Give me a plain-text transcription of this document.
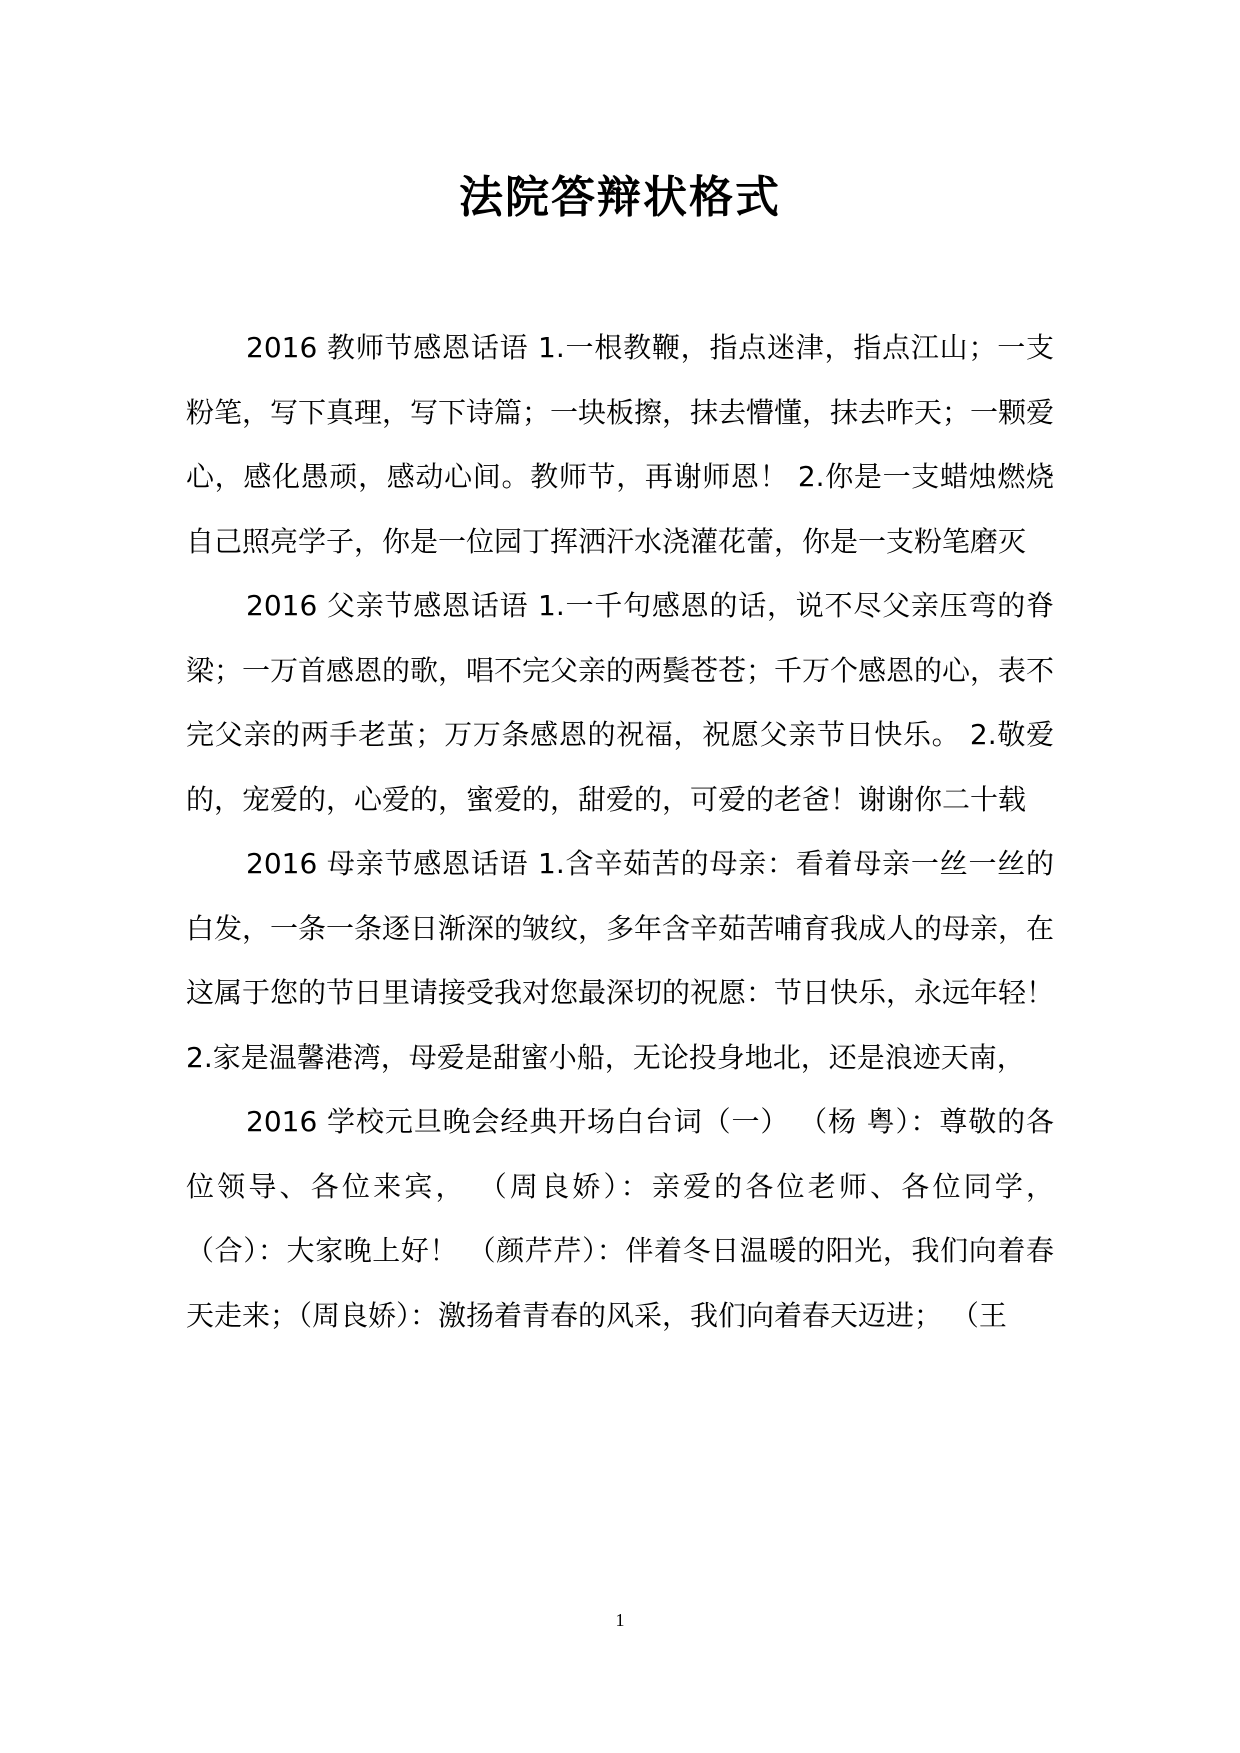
法院答辩状格式

2016 教师节感恩话语 1.一根教鞭，指点迷津，指点江山；一支粉笔，写下真理，写下诗篇；一块板擦，抹去懵懂，抹去昨天；一颗爱心，感化愚顽，感动心间。教师节，再谢师恩！ 2.你是一支蜡烛燃烧自己照亮学子，你是一位园丁挥洒汗水浇灌花蕾，你是一支粉笔磨灭

2016 父亲节感恩话语 1.一千句感恩的话，说不尽父亲压弯的脊梁；一万首感恩的歌，唱不完父亲的两鬓苍苍；千万个感恩的心，表不完父亲的两手老茧；万万条感恩的祝福，祝愿父亲节日快乐。 2.敬爱的，宠爱的，心爱的，蜜爱的，甜爱的，可爱的老爸！谢谢你二十载

2016 母亲节感恩话语 1.含辛茹苦的母亲：看着母亲一丝一丝的白发，一条一条逐日渐深的皱纹，多年含辛茹苦哺育我成人的母亲，在这属于您的节日里请接受我对您最深切的祝愿：节日快乐，永远年轻！ 2.家是温馨港湾，母爱是甜蜜小船，无论投身地北，还是浪迹天南，

2016 学校元旦晚会经典开场白台词（一） （杨 粤）：尊敬的各位领导、各位来宾， （周良娇）：亲爱的各位老师、各位同学， （合）：大家晚上好！ （颜芹芹）：伴着冬日温暖的阳光，我们向着春天走来；（周良娇）：激扬着青春的风采，我们向着春天迈进； （王

1
